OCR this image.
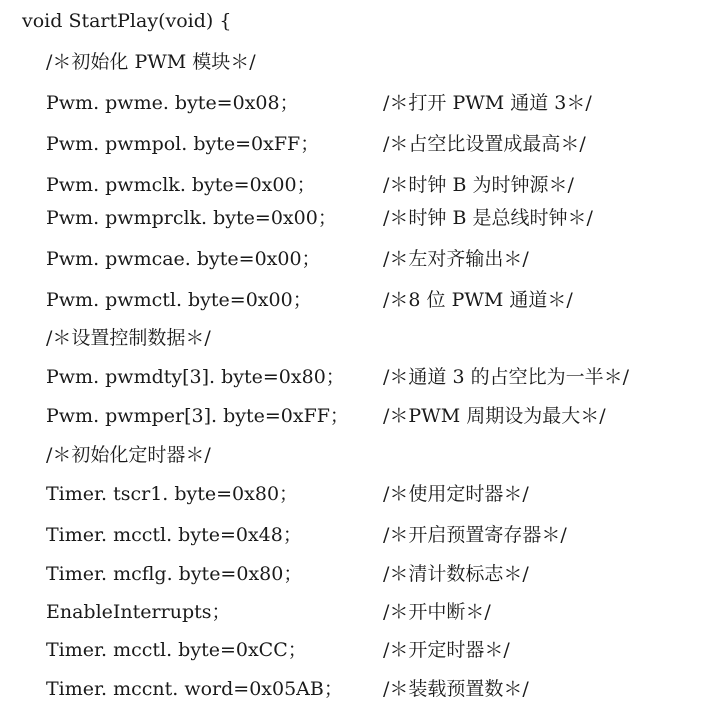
void StartPlay(void) {
/＊初始化 PWM 模块＊/
Pwm. pwme. byte=0x08；	/＊打开 PWM 通道 3＊/
Pwm. pwmpol. byte=0xFF；	/＊占空比设置成最高＊/
Pwm. pwmclk. byte=0x00；	/＊时钟 B 为时钟源＊/
Pwm. pwmprclk. byte=0x00； /＊时钟 B 是总线时钟＊/
Pwm. pwmcae. byte=0x00；	/＊左对齐输出＊/
Pwm. pwmctl. byte=0x00；	/＊8 位 PWM 通道＊/
/＊设置控制数据＊/
Pwm. pwmdty[3]. byte=0x80； /＊通道 3 的占空比为一半＊/
Pwm. pwmper[3]. byte=0xFF； /＊PWM 周期设为最大＊/
/＊初始化定时器＊/
Timer. tscr1. byte=0x80；	/＊使用定时器＊/
Timer. mcctl. byte=0x48；	/＊开启预置寄存器＊/
Timer. mcflg. byte=0x80；	/＊清计数标志＊/
EnableInterrupts；	/＊开中断＊/
Timer. mcctl. byte=0xCC；	/＊开定时器＊/
Timer. mccnt. word=0x05AB； /＊装载预置数＊/
